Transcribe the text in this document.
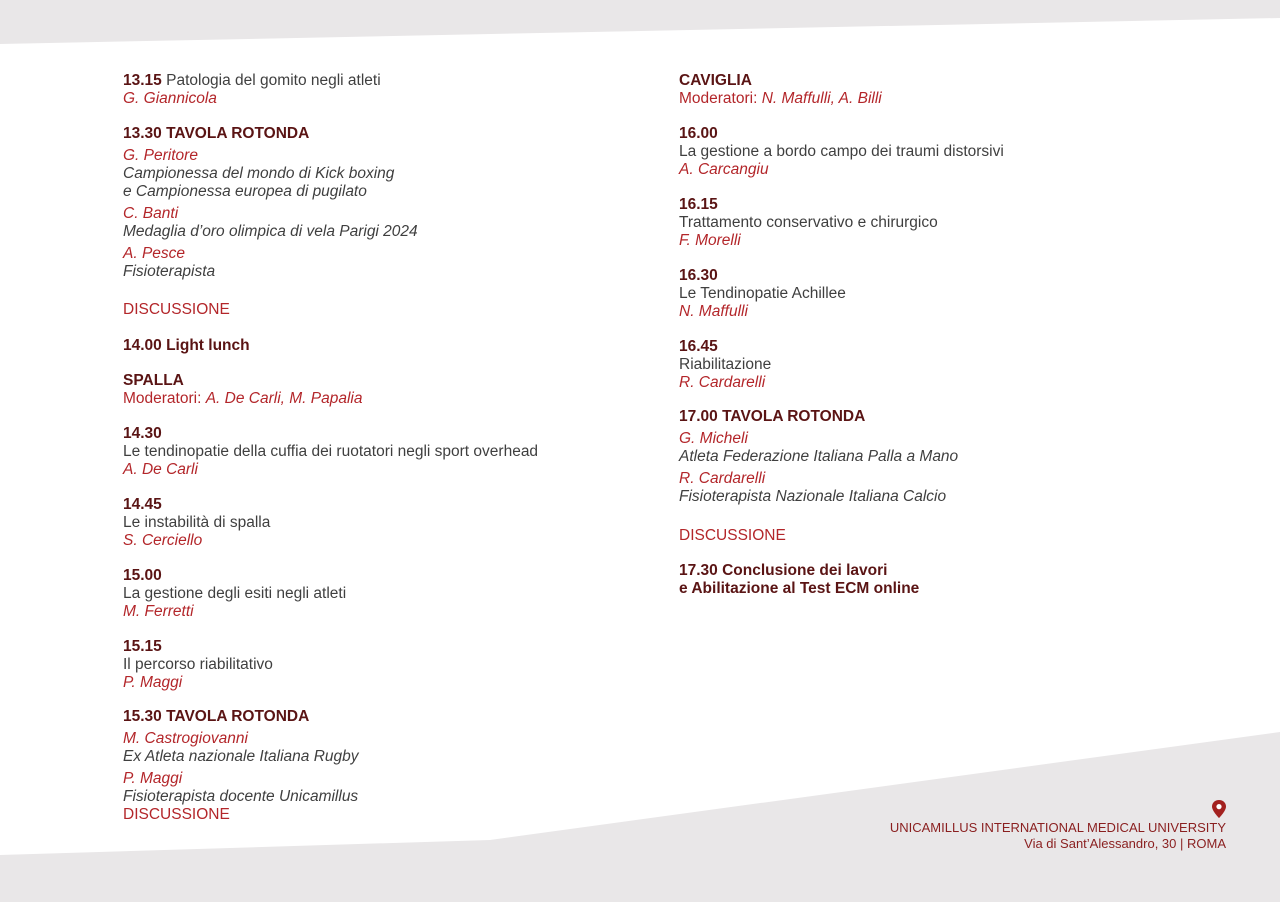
13.15 Patologia del gomito negli atleti
G. Giannicola
13.30 TAVOLA ROTONDA
G. Peritore
Campionessa del mondo di Kick boxing
e Campionessa europea di pugilato
C. Banti
Medaglia d’oro olimpica di vela Parigi 2024
A. Pesce
Fisioterapista
DISCUSSIONE
14.00 Light lunch
SPALLA
Moderatori: A. De Carli, M. Papalia
14.30
Le tendinopatie della cuffia dei ruotatori negli sport overhead
A. De Carli
14.45
Le instabilità di spalla
S. Cerciello
15.00
La gestione degli esiti negli atleti
M. Ferretti
15.15
Il percorso riabilitativo
P. Maggi
15.30 TAVOLA ROTONDA
M. Castrogiovanni
Ex Atleta nazionale Italiana Rugby
P. Maggi
Fisioterapista docente Unicamillus
DISCUSSIONE
CAVIGLIA
Moderatori: N. Maffulli, A. Billi
16.00
La gestione a bordo campo dei traumi distorsivi
A. Carcangiu
16.15
Trattamento conservativo e chirurgico
F. Morelli
16.30
Le Tendinopatie Achillee
N. Maffulli
16.45
Riabilitazione
R. Cardarelli
17.00 TAVOLA ROTONDA
G. Micheli
Atleta Federazione Italiana Palla a Mano
R. Cardarelli
Fisioterapista Nazionale Italiana Calcio
DISCUSSIONE
17.30 Conclusione dei lavori
e Abilitazione al Test ECM online
UNICAMILLUS INTERNATIONAL MEDICAL UNIVERSITY
Via di Sant’Alessandro, 30 | ROMA
